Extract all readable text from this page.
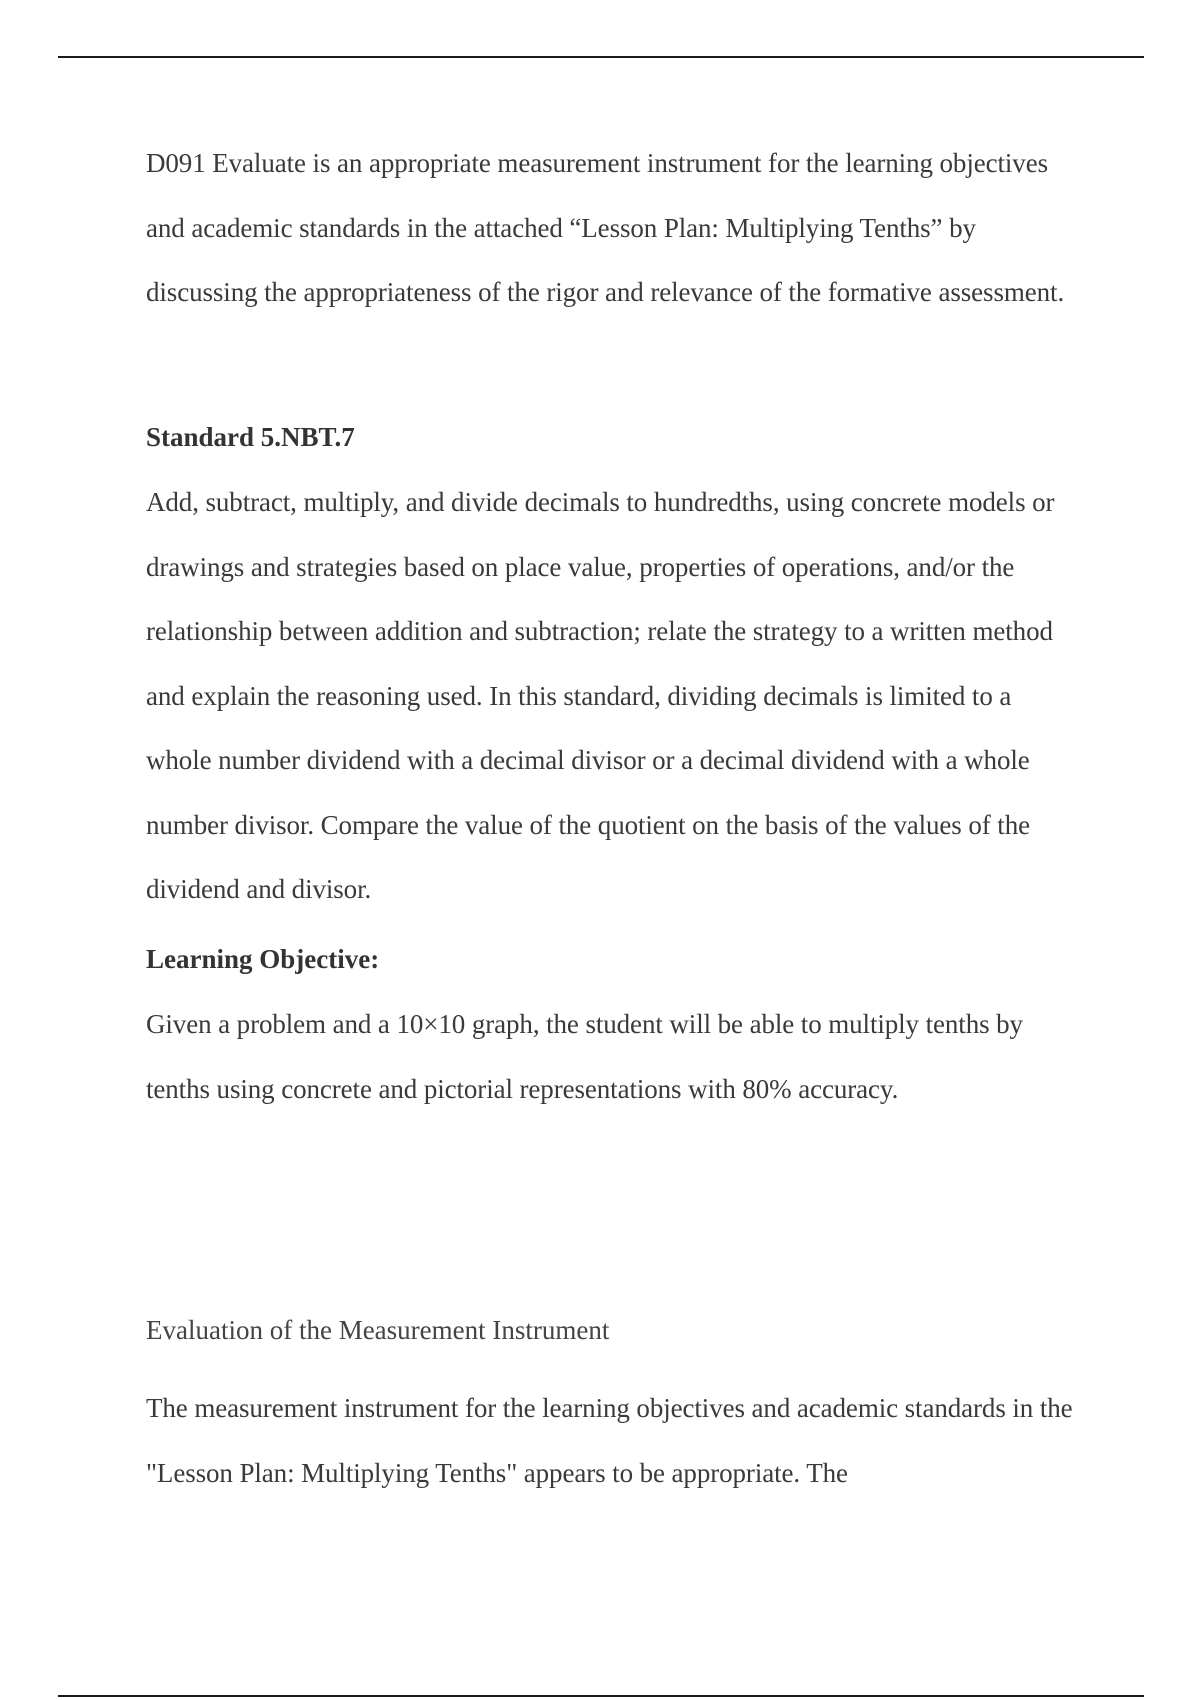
D091 Evaluate is an appropriate measurement instrument for the learning objectives and academic standards in the attached “Lesson Plan: Multiplying Tenths” by discussing the appropriateness of the rigor and relevance of the formative assessment.

Standard 5.NBT.7

Add, subtract, multiply, and divide decimals to hundredths, using concrete models or drawings and strategies based on place value, properties of operations, and/or the relationship between addition and subtraction; relate the strategy to a written method and explain the reasoning used. In this standard, dividing decimals is limited to a whole number dividend with a decimal divisor or a decimal dividend with a whole number divisor. Compare the value of the quotient on the basis of the values of the dividend and divisor.

Learning Objective:

Given a problem and a 10×10 graph, the student will be able to multiply tenths by tenths using concrete and pictorial representations with 80% accuracy.

Evaluation of the Measurement Instrument

The measurement instrument for the learning objectives and academic standards in the "Lesson Plan: Multiplying Tenths" appears to be appropriate. The
